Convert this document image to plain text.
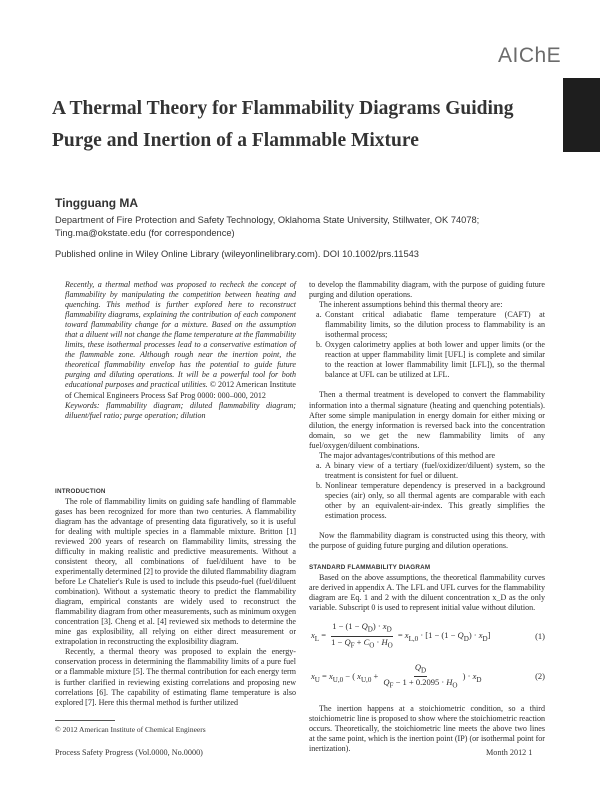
AIChE
A Thermal Theory for Flammability Diagrams Guiding Purge and Inertion of a Flammable Mixture
Tingguang MA
Department of Fire Protection and Safety Technology, Oklahoma State University, Stillwater, OK 74078; Ting.ma@okstate.edu (for correspondence)
Published online in Wiley Online Library (wileyonlinelibrary.com). DOI 10.1002/prs.11543

Recently, a thermal method was proposed to recheck the concept of flammability by manipulating the competition between heating and quenching. This method is further explored here to reconstruct flammability diagrams, explaining the contribution of each component toward flammability change for a mixture. Based on the assumption that a diluent will not change the flame temperature at the flammability limits, these isothermal processes lead to a conservative estimation of the flammable zone. Although rough near the inertion point, the theoretical flammability envelop has the potential to guide future purging and diluting operations. It will be a powerful tool for both educational purposes and practical utilities. © 2012 American Institute of Chemical Engineers Process Saf Prog 0000: 000–000, 2012

Keywords: flammability diagram; diluted flammability diagram; diluent/fuel ratio; purge operation; dilution

INTRODUCTION

The role of flammability limits on guiding safe handling of flammable gases has been recognized for more than two centuries. A flammability diagram has the advantage of presenting data figuratively, so it is useful for dealing with multiple species in a flammable mixture. Britton [1] reviewed 200 years of research on flammability limits, stressing the difficulty in making realistic and predictive measurements. Without a consistent theory, all combinations of fuel/diluent have to be experimentally determined [2] to provide the diluted flammability diagram before Le Chatelier's Rule is used to include this pseudo-fuel (fuel/diluent combination). Without a systematic theory to predict the flammability diagram, empirical constants are widely used to reconstruct the flammability diagram from other measurements, such as minimum oxygen concentration [3]. Cheng et al. [4] reviewed six methods to determine the mine gas explosibility, all relying on either direct measurement or extrapolation in reconstructing the explosibility diagram.

Recently, a thermal theory was proposed to explain the energy-conservation process in determining the flammability limits of a pure fuel or a flammable mixture [5]. The thermal contribution for each energy term is further clarified in reviewing existing correlations and proposing new correlations [6]. The capability of estimating flame temperature is also explored [7]. Here this thermal method is further utilized

to develop the flammability diagram, with the purpose of guiding future purging and dilution operations.

The inherent assumptions behind this thermal theory are:

a. Constant critical adiabatic flame temperature (CAFT) at flammability limits, so the dilution process to flammability is an isothermal process;
b. Oxygen calorimetry applies at both lower and upper limits (or the reaction at upper flammability limit [UFL] is complete and similar to the reaction at lower flammability limit [LFL]), so the thermal balance at UFL can be utilized at LFL.

Then a thermal treatment is developed to convert the flammability information into a thermal signature (heating and quenching potentials). After some simple manipulation in energy domain for either mixing or dilution, the energy information is reversed back into the concentration domain, so we get the new flammability limits of any fuel/oxygen/diluent combinations.

The major advantages/contributions of this method are

a. A binary view of a tertiary (fuel/oxidizer/diluent) system, so the treatment is consistent for fuel or diluent.
b. Nonlinear temperature dependency is preserved in a background species (air) only, so all thermal agents are comparable with each other by an equivalent-air-index. This greatly simplifies the estimation process.

Now the flammability diagram is constructed using this theory, with the purpose of guiding future purging and dilution operations.

STANDARD FLAMMABILITY DIAGRAM

Based on the above assumptions, the theoretical flammability curves are derived in appendix A. The LFL and UFL curves for the flammability diagram are Eq. 1 and 2 with the diluent concentration x_D as the only variable. Subscript 0 is used to represent initial value without dilution.

$x_L = \frac{1 - (1 - Q_D) \cdot x_D}{1 - Q_F + C_O \cdot H_O} = x_{L,0} \cdot [1 - (1 - Q_D) \cdot x_D]$	(1)
$x_U = x_{U,0}$ − ( $x_{U,0} + \frac{Q_D}{Q_F - 1 + 0.2095 \cdot H_O}$ ) · $x_D$	(2)

The inertion happens at a stoichiometric condition, so a third stoichiometric line is proposed to show where the stoichiometric reaction occurs. Theoretically, the stoichiometric line meets the above two lines at the same point, which is the inertion point (IP) (or isothermal point for inertization).

© 2012 American Institute of Chemical Engineers
Process Safety Progress (Vol.0000, No.0000)	Month 2012 1
